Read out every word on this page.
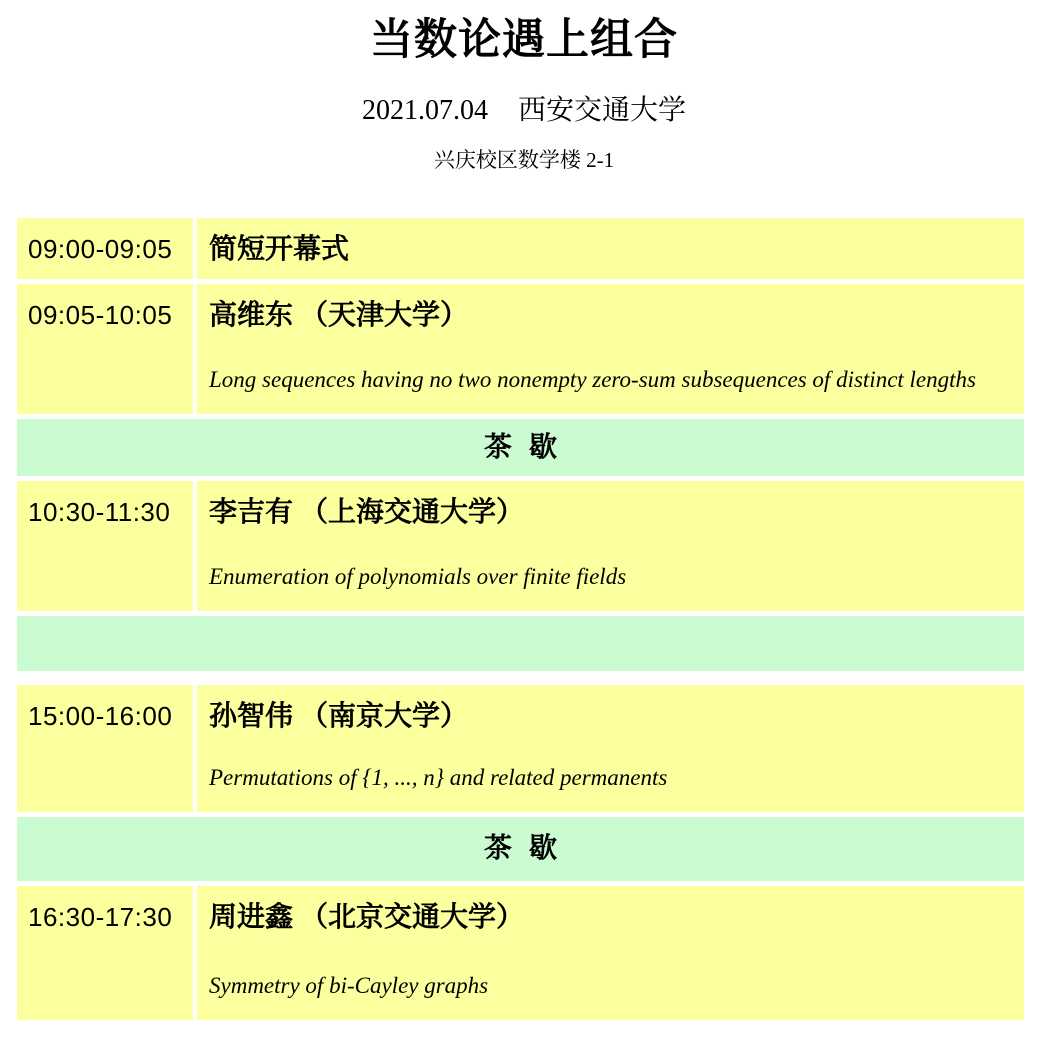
当数论遇上组合
2021.07.04 西安交通大学
兴庆校区数学楼 2-1
09:00-09:05	简短开幕式
09:05-10:05	高维东 （天津大学）
Long sequences having no two nonempty zero-sum subsequences of distinct lengths
茶 歇
10:30-11:30	李吉有 （上海交通大学）
Enumeration of polynomials over finite fields
15:00-16:00	孙智伟 （南京大学）
Permutations of {1, ..., n} and related permanents
茶 歇
16:30-17:30	周进鑫 （北京交通大学）
Symmetry of bi-Cayley graphs
